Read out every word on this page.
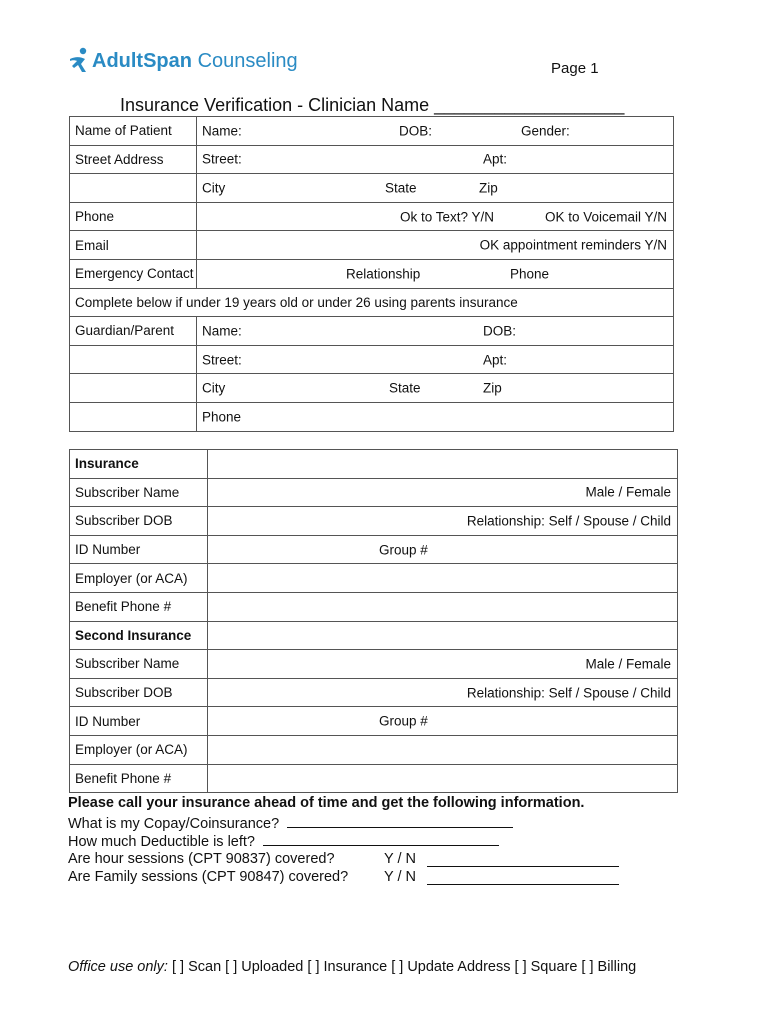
AdultSpan Counseling	Page 1
Insurance Verification - Clinician Name ___________________
Name of Patient	Name: DOB: Gender:

Street Address	Street: Apt:

	City State Zip

Phone	Ok to Text? Y/N OK to Voicemail Y/N

Email	OK appointment reminders Y/N

Emergency Contact	Relationship Phone

Complete below if under 19 years old or under 26 using parents insurance	
Guardian/Parent	Name: DOB:

	Street: Apt:

	City State Zip

	Phone
Insurance	
Subscriber Name	Male / Female

Subscriber DOB	Relationship: Self / Spouse / Child

ID Number	Group #

Employer (or ACA)	
Benefit Phone #	
Second Insurance	
Subscriber Name	Male / Female

Subscriber DOB	Relationship: Self / Spouse / Child

ID Number	Group #

Employer (or ACA)	
Benefit Phone #	
Please call your insurance ahead of time and get the following information.
What is my Copay/Coinsurance?
How much Deductible is left?
Are hour sessions (CPT 90837) covered?	Y / N
Are Family sessions (CPT 90847) covered? Y / N
Office use only: [ ] Scan [ ] Uploaded [ ] Insurance [ ] Update Address [ ] Square [ ] Billing
